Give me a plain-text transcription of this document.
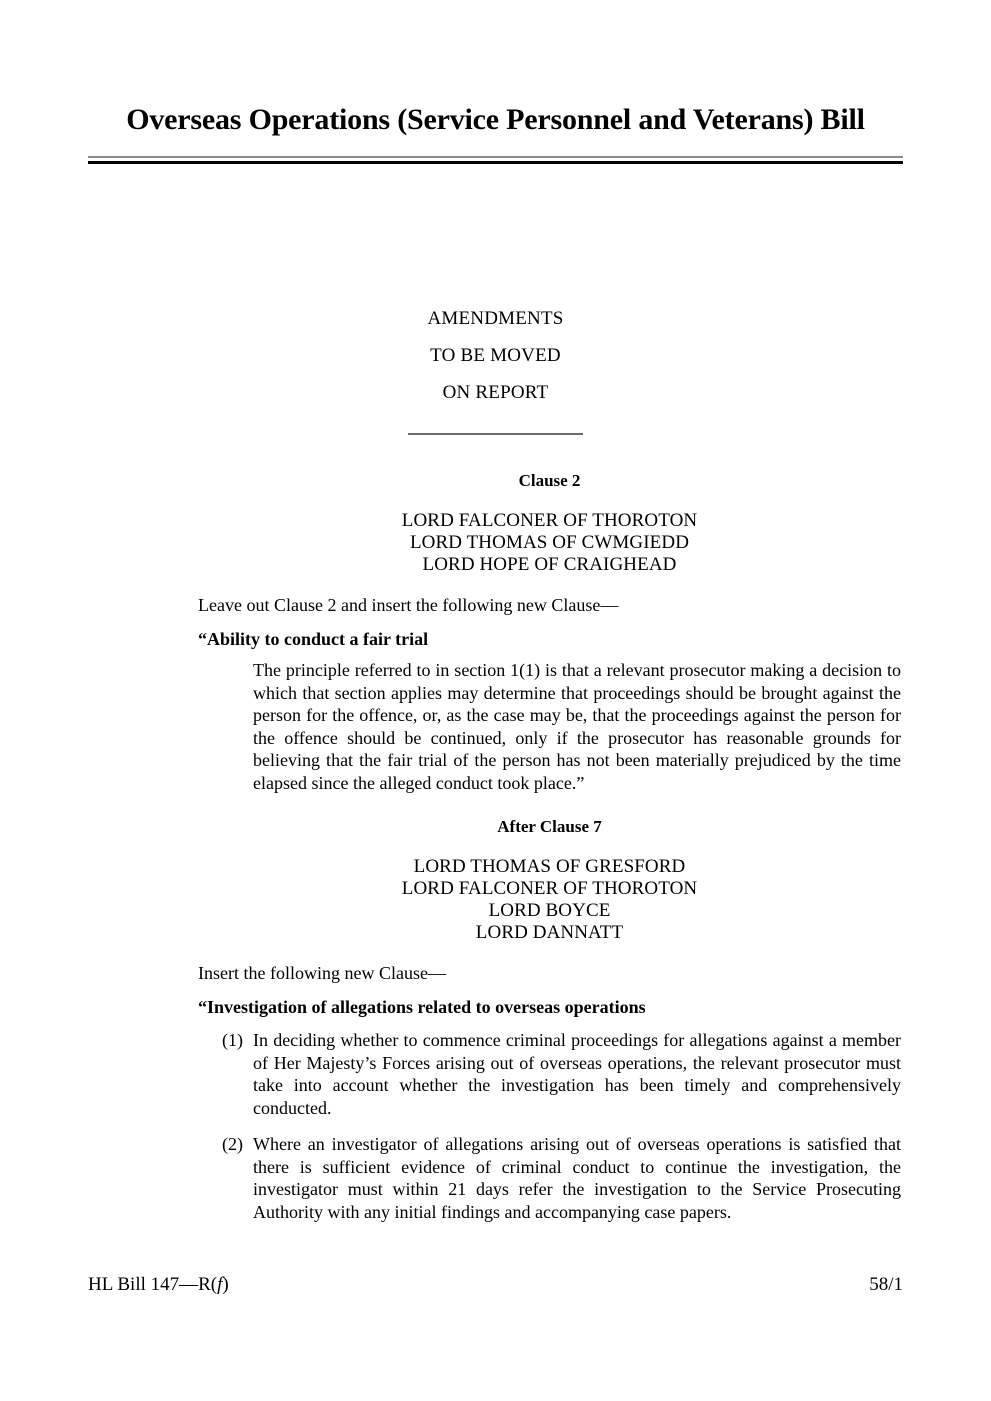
Overseas Operations (Service Personnel and Veterans) Bill
AMENDMENTS
TO BE MOVED
ON REPORT
Clause 2
LORD FALCONER OF THOROTON
LORD THOMAS OF CWMGIEDD
LORD HOPE OF CRAIGHEAD

Leave out Clause 2 and insert the following new Clause—

“Ability to conduct a fair trial

The principle referred to in section 1(1) is that a relevant prosecutor making a decision to which that section applies may determine that proceedings should be brought against the person for the offence, or, as the case may be, that the proceedings against the person for the offence should be continued, only if the prosecutor has reasonable grounds for believing that the fair trial of the person has not been materially prejudiced by the time elapsed since the alleged conduct took place.”

After Clause 7
LORD THOMAS OF GRESFORD
LORD FALCONER OF THOROTON
LORD BOYCE
LORD DANNATT

Insert the following new Clause—

“Investigation of allegations related to overseas operations

(1) In deciding whether to commence criminal proceedings for allegations against a member of Her Majesty’s Forces arising out of overseas operations, the relevant prosecutor must take into account whether the investigation has been timely and comprehensively conducted.
(2) Where an investigator of allegations arising out of overseas operations is satisfied that there is sufficient evidence of criminal conduct to continue the investigation, the investigator must within 21 days refer the investigation to the Service Prosecuting Authority with any initial findings and accompanying case papers.
HL Bill 147—R(f)	58/1
